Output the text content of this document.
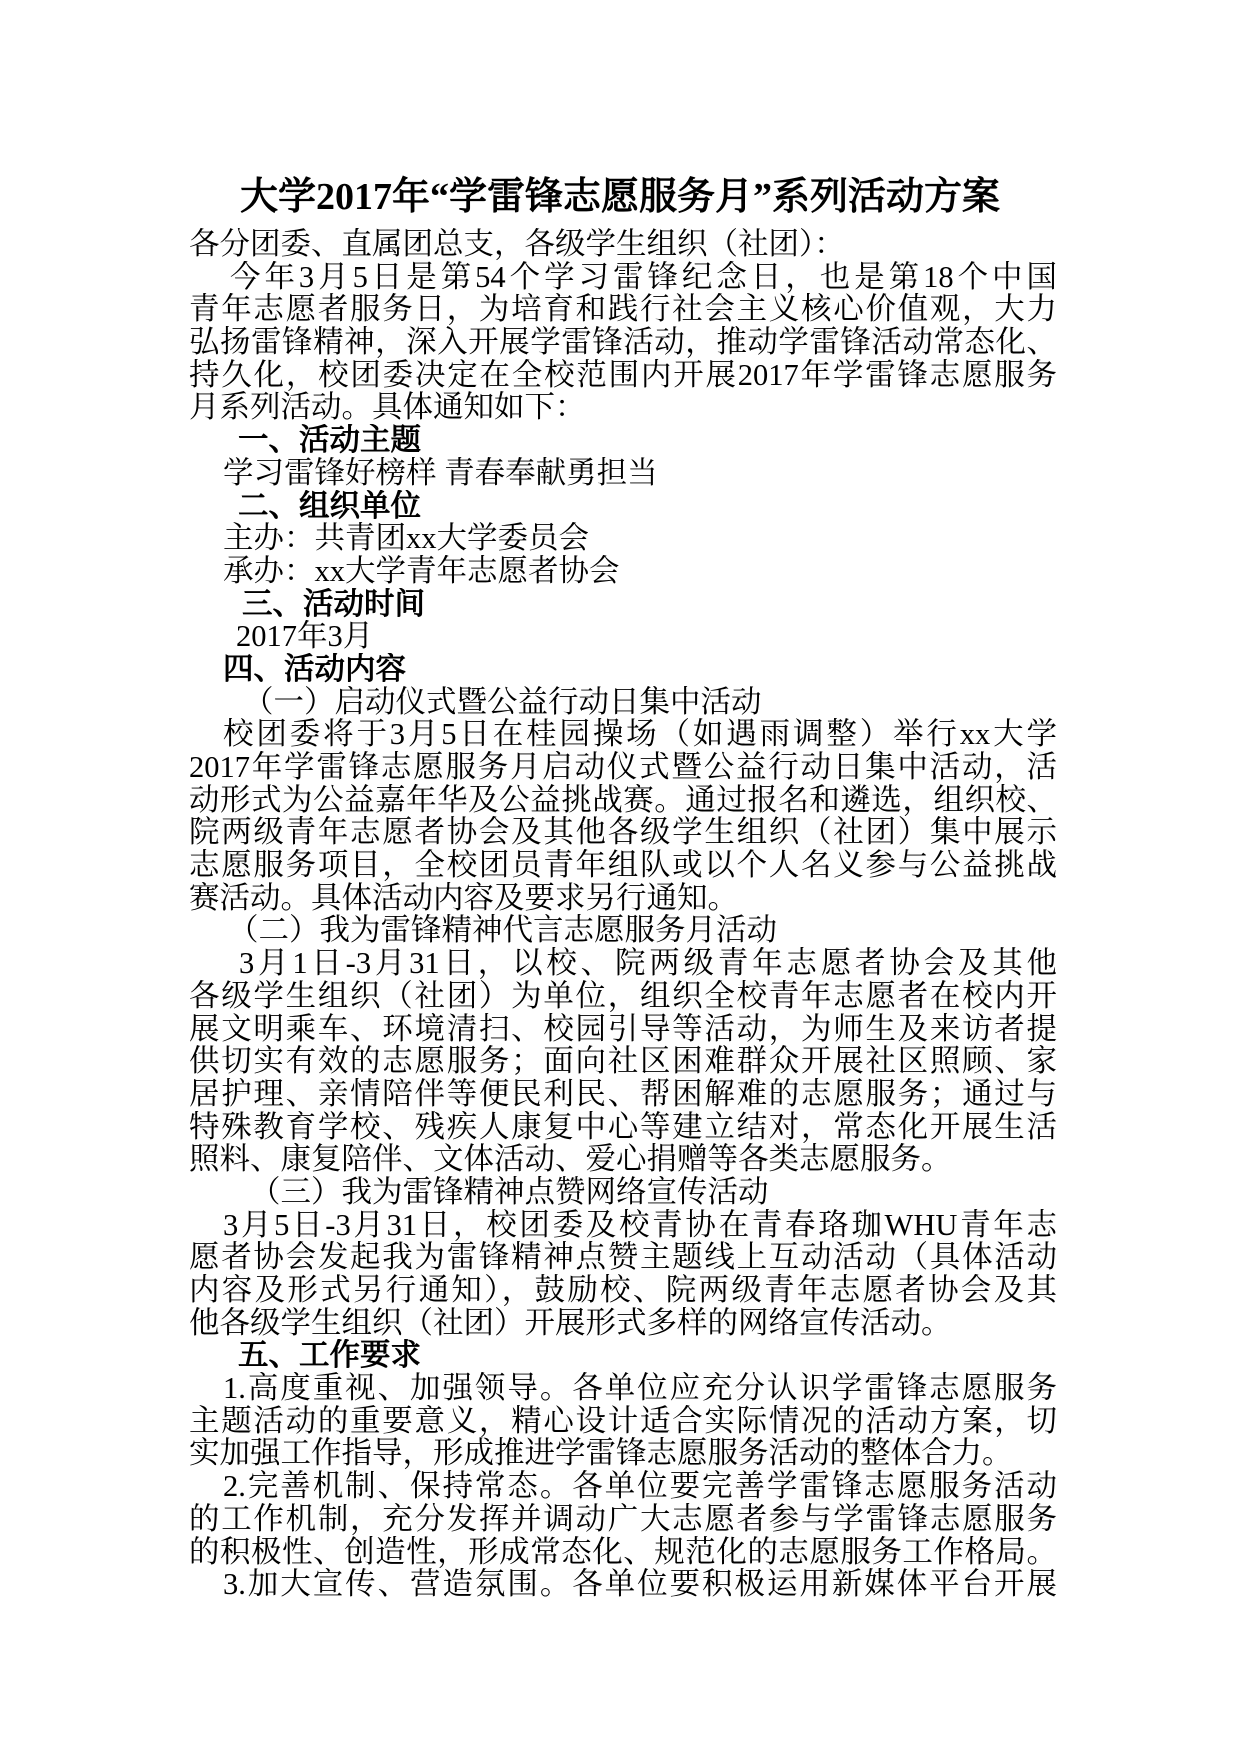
大学2017年“学雷锋志愿服务月”系列活动方案
各分团委、直属团总支，各级学生组织（社团）：
今年3月5日是第54个学习雷锋纪念日，也是第18个中国
青年志愿者服务日，为培育和践行社会主义核心价值观，大力
弘扬雷锋精神，深入开展学雷锋活动，推动学雷锋活动常态化、
持久化，校团委决定在全校范围内开展2017年学雷锋志愿服务
月系列活动。具体通知如下：
一、活动主题
学习雷锋好榜样 青春奉献勇担当
二、组织单位
主办：共青团xx大学委员会
承办：xx大学青年志愿者协会
三、活动时间
2017年3月
四、活动内容
（一）启动仪式暨公益行动日集中活动
校团委将于3月5日在桂园操场（如遇雨调整）举行xx大学
2017年学雷锋志愿服务月启动仪式暨公益行动日集中活动，活
动形式为公益嘉年华及公益挑战赛。通过报名和遴选，组织校、
院两级青年志愿者协会及其他各级学生组织（社团）集中展示
志愿服务项目，全校团员青年组队或以个人名义参与公益挑战
赛活动。具体活动内容及要求另行通知。
（二）我为雷锋精神代言志愿服务月活动
3月1日-3月31日，以校、院两级青年志愿者协会及其他
各级学生组织（社团）为单位，组织全校青年志愿者在校内开
展文明乘车、环境清扫、校园引导等活动，为师生及来访者提
供切实有效的志愿服务；面向社区困难群众开展社区照顾、家
居护理、亲情陪伴等便民利民、帮困解难的志愿服务；通过与
特殊教育学校、残疾人康复中心等建立结对，常态化开展生活
照料、康复陪伴、文体活动、爱心捐赠等各类志愿服务。
（三）我为雷锋精神点赞网络宣传活动
3月5日-3月31日，校团委及校青协在青春珞珈WHU青年志
愿者协会发起我为雷锋精神点赞主题线上互动活动（具体活动
内容及形式另行通知），鼓励校、院两级青年志愿者协会及其
他各级学生组织（社团）开展形式多样的网络宣传活动。
五、工作要求
1.高度重视、加强领导。各单位应充分认识学雷锋志愿服务
主题活动的重要意义，精心设计适合实际情况的活动方案，切
实加强工作指导，形成推进学雷锋志愿服务活动的整体合力。
2.完善机制、保持常态。各单位要完善学雷锋志愿服务活动
的工作机制，充分发挥并调动广大志愿者参与学雷锋志愿服务
的积极性、创造性，形成常态化、规范化的志愿服务工作格局。
3.加大宣传、营造氛围。各单位要积极运用新媒体平台开展
